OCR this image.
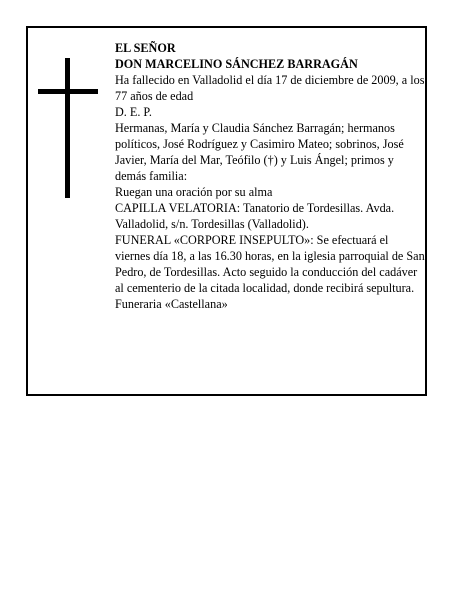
EL SEÑOR

DON MARCELINO SÁNCHEZ BARRAGÁN

Ha fallecido en Valladolid el día 17 de diciembre de 2009, a los 77 años de edad

D. E. P.

Hermanas, María y Claudia Sánchez Barragán; hermanos políticos, José Rodríguez y Casimiro Mateo; sobrinos, José Javier, María del Mar, Teófilo (†) y Luis Ángel; primos y demás familia:

Ruegan una oración por su alma

CAPILLA VELATORIA: Tanatorio de Tordesillas. Avda. Valladolid, s/n. Tordesillas (Valladolid).

FUNERAL «CORPORE INSEPULTO»: Se efectuará el viernes día 18, a las 16.30 horas, en la iglesia parroquial de San Pedro, de Tordesillas. Acto seguido la conducción del cadáver al cementerio de la citada localidad, donde recibirá sepultura.

Funeraria «Castellana»
